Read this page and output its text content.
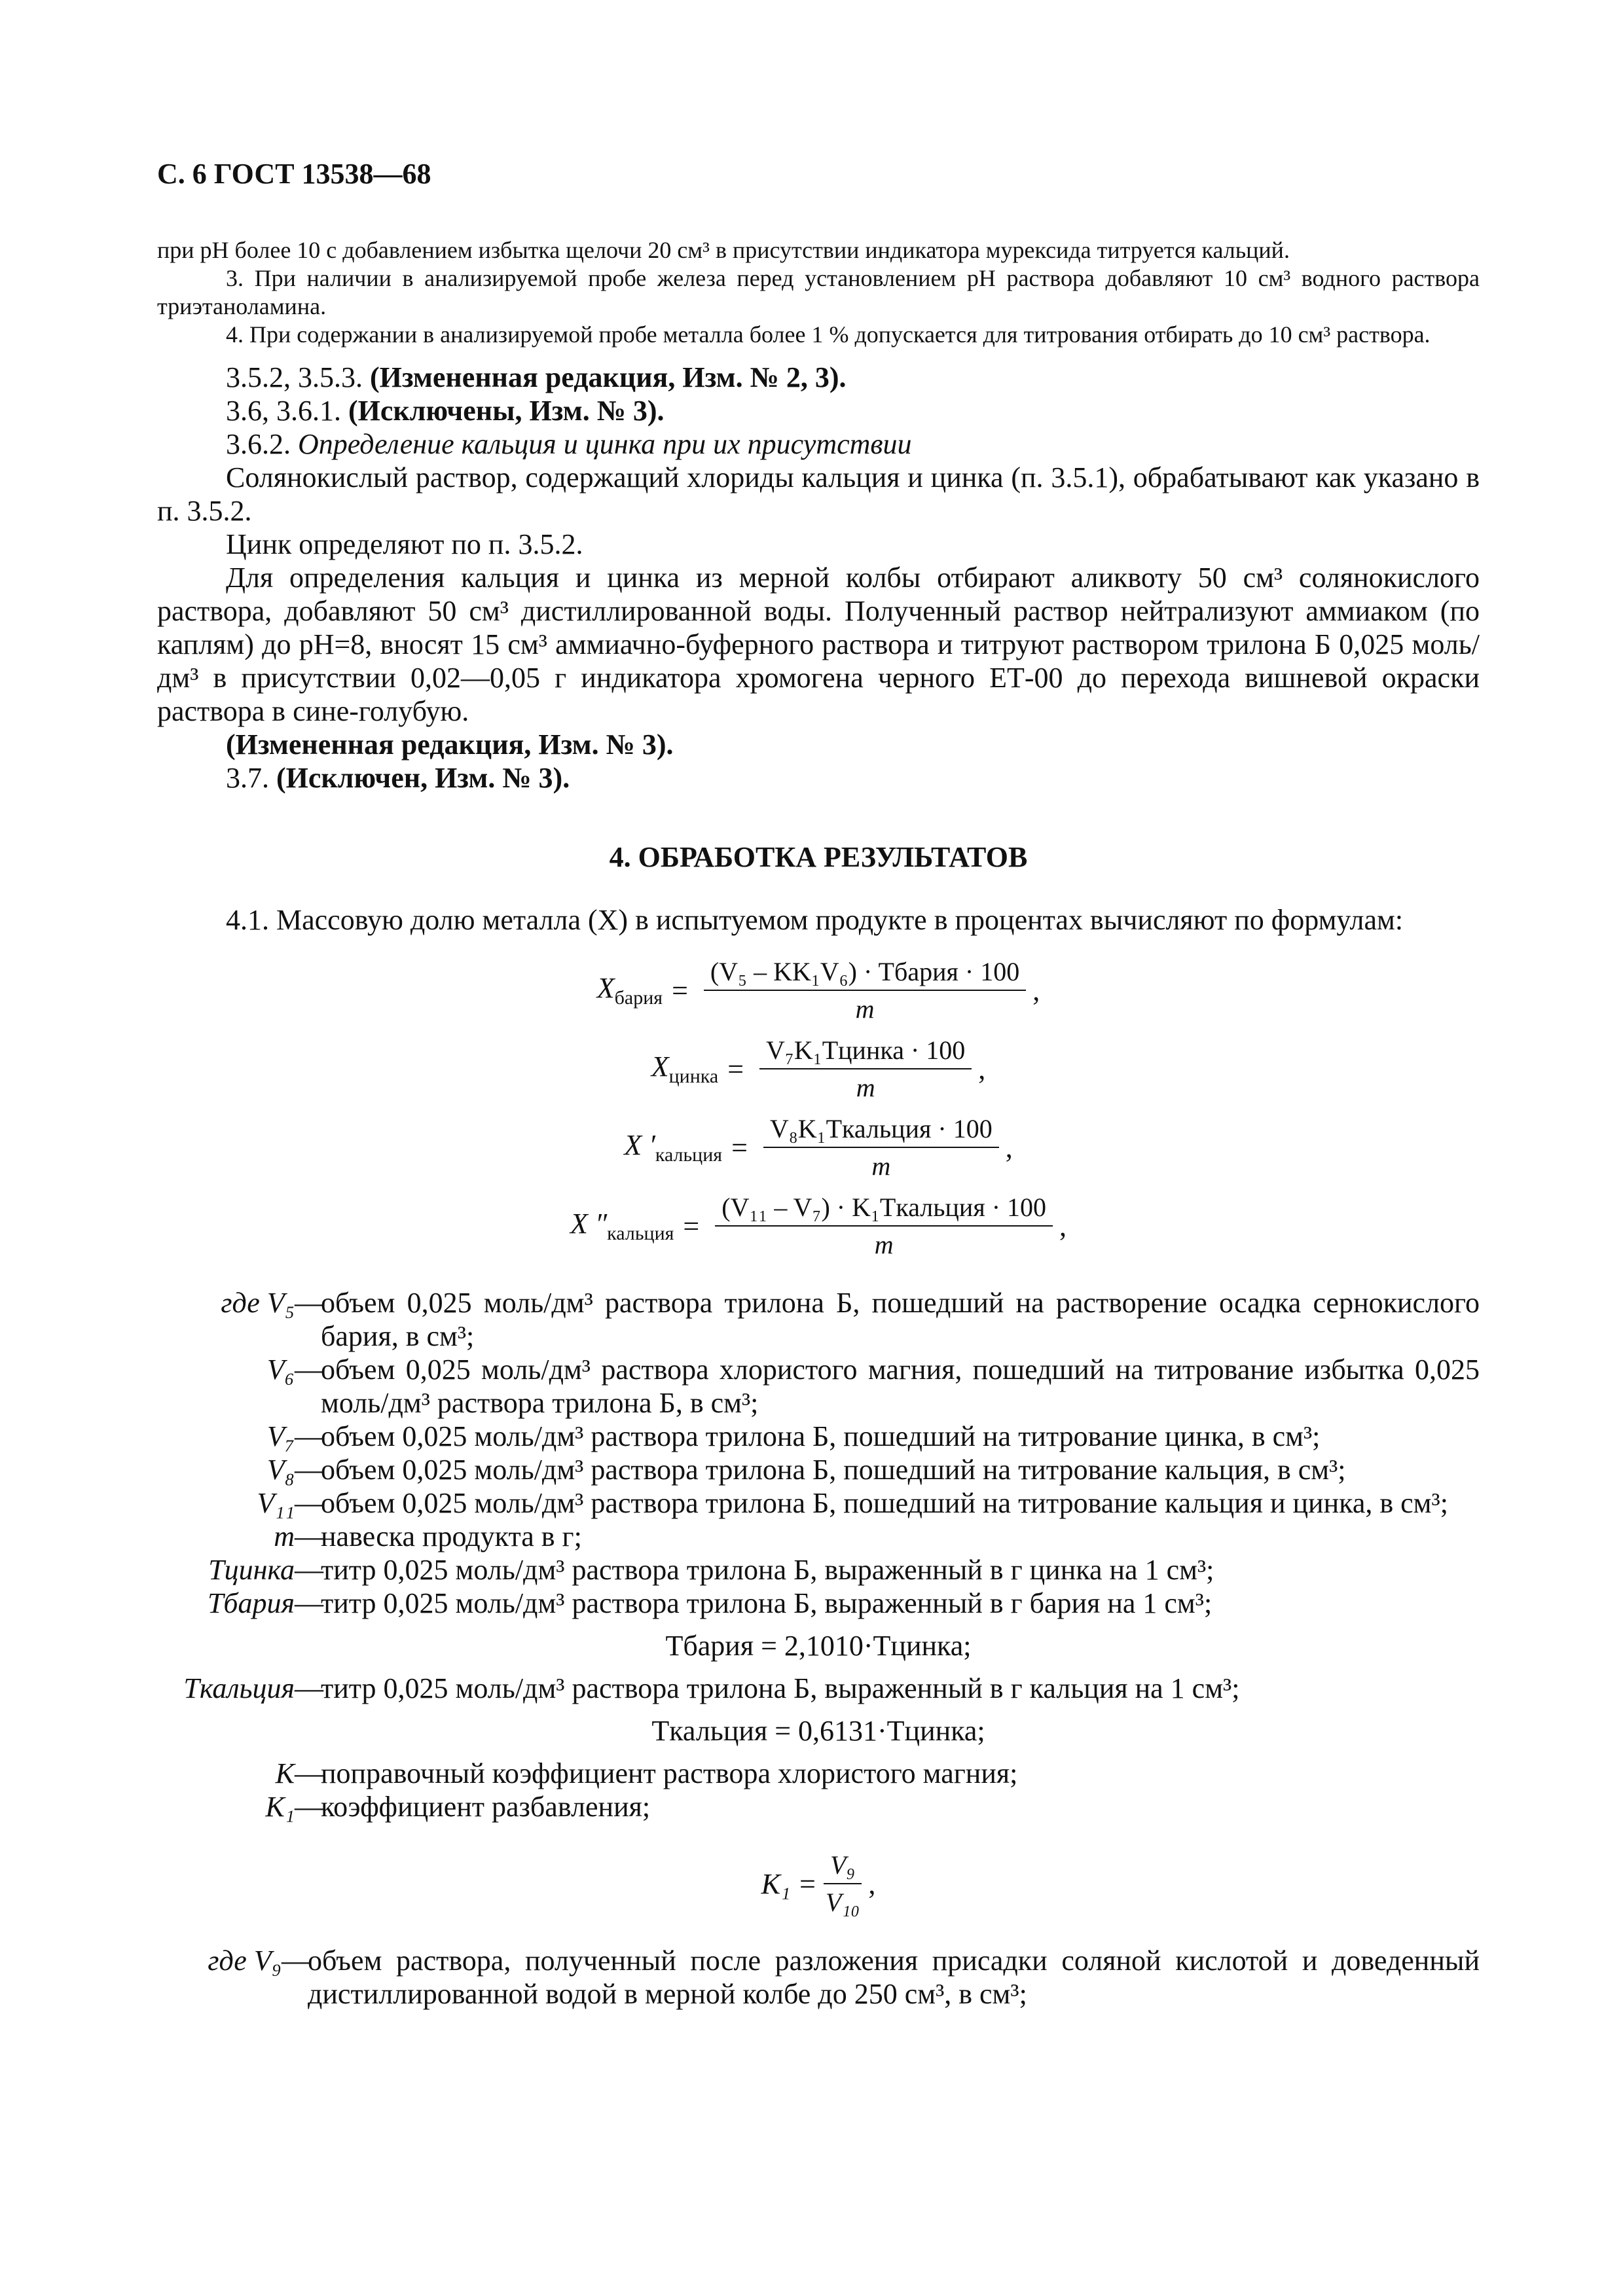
С. 6 ГОСТ 13538—68

при pH более 10 с добавлением избытка щелочи 20 см³ в присутствии индикатора мурексида титруется кальций.

3. При наличии в анализируемой пробе железа перед установлением pH раствора добавляют 10 см³ водного раствора триэтаноламина.

4. При содержании в анализируемой пробе металла более 1 % допускается для титрования отбирать до 10 см³ раствора.

3.5.2, 3.5.3. (Измененная редакция, Изм. № 2, 3).

3.6, 3.6.1. (Исключены, Изм. № 3).

3.6.2. Определение кальция и цинка при их присутствии

Солянокислый раствор, содержащий хлориды кальция и цинка (п. 3.5.1), обрабатывают как указано в п. 3.5.2.

Цинк определяют по п. 3.5.2.

Для определения кальция и цинка из мерной колбы отбирают аликвоту 50 см³ солянокислого раствора, добавляют 50 см³ дистиллированной воды. Полученный раствор нейтрализуют аммиаком (по каплям) до pH=8, вносят 15 см³ аммиачно-буферного раствора и титруют раствором трилона Б 0,025 моль/дм³ в присутствии 0,02—0,05 г индикатора хромогена черного ЕТ-00 до перехода вишневой окраски раствора в сине-голубую.

(Измененная редакция, Изм. № 3).

3.7. (Исключен, Изм. № 3).

4. ОБРАБОТКА РЕЗУЛЬТАТОВ

4.1. Массовую долю металла (X) в испытуемом продукте в процентах вычисляют по формулам:

$X_{бария} = \frac{\text{(V₅ – KK₁V₆) · Tбария · 100}}{m}$ ,
$X_{цинка} = \frac{\text{V₇K₁Tцинка · 100}}{m}$ ,
X $'_{кальция} = \frac{\text{V₈K₁Tкальция · 100}}{m}$ ,
X $''_{кальция} = \frac{\text{(V₁₁ – V₇) · K₁Tкальция · 100}}{m}$ ,
где V₅ —
объем 0,025 моль/дм³ раствора трилона Б, пошедший на растворение осадка сернокислого бария, в см³;
V₆ —
объем 0,025 моль/дм³ раствора хлористого магния, пошедший на титрование избытка 0,025 моль/дм³ раствора трилона Б, в см³;
V₇ —
объем 0,025 моль/дм³ раствора трилона Б, пошедший на титрование цинка, в см³;
V₈ —
объем 0,025 моль/дм³ раствора трилона Б, пошедший на титрование кальция, в см³;
V₁₁ —
объем 0,025 моль/дм³ раствора трилона Б, пошедший на титрование кальция и цинка, в см³;
m —
навеска продукта в г;
Tцинка —
титр 0,025 моль/дм³ раствора трилона Б, выраженный в г цинка на 1 см³;
Tбария —
титр 0,025 моль/дм³ раствора трилона Б, выраженный в г бария на 1 см³;
Tбария = 2,1010·Tцинка;
Tкальция —
титр 0,025 моль/дм³ раствора трилона Б, выраженный в г кальция на 1 см³;
Tкальция = 0,6131·Tцинка;
K —
поправочный коэффициент раствора хлористого магния;
K₁ —
коэффициент разбавления;
$K_1 = \frac{\text{V₉}}{\text{V₁₀}}$ ,
где V₉ —
объем раствора, полученный после разложения присадки соляной кислотой и доведенный дистиллированной водой в мерной колбе до 250 см³, в см³;
